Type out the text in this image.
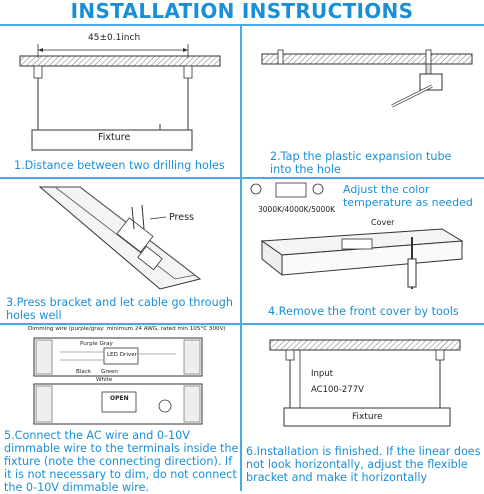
INSTALLATION INSTRUCTIONS
45±0.1inch
Fixture
1.Distance between two drilling holes
2.Tap the plastic expansion tube into the hole
Press
3.Press bracket and let cable go through holes well
3000K/4000K/5000K
Adjust the color temperature as needed
Cover
4.Remove the front cover by tools
Dimming wire (purple/gray: minimum 24 AWG, rated min 105°C 300V)
Purple Gray
LED Driver
Black Green
White
OPEN
5.Connect the AC wire and 0-10V dimmable wire to the terminals inside the fixture (note the connecting direction). If it is not necessary to dim, do not connect the 0-10V dimmable wire.
Input
AC100-277V
Fixture
6.Installation is finished. If the linear does not look horizontally, adjust the flexible bracket and make it horizontally
